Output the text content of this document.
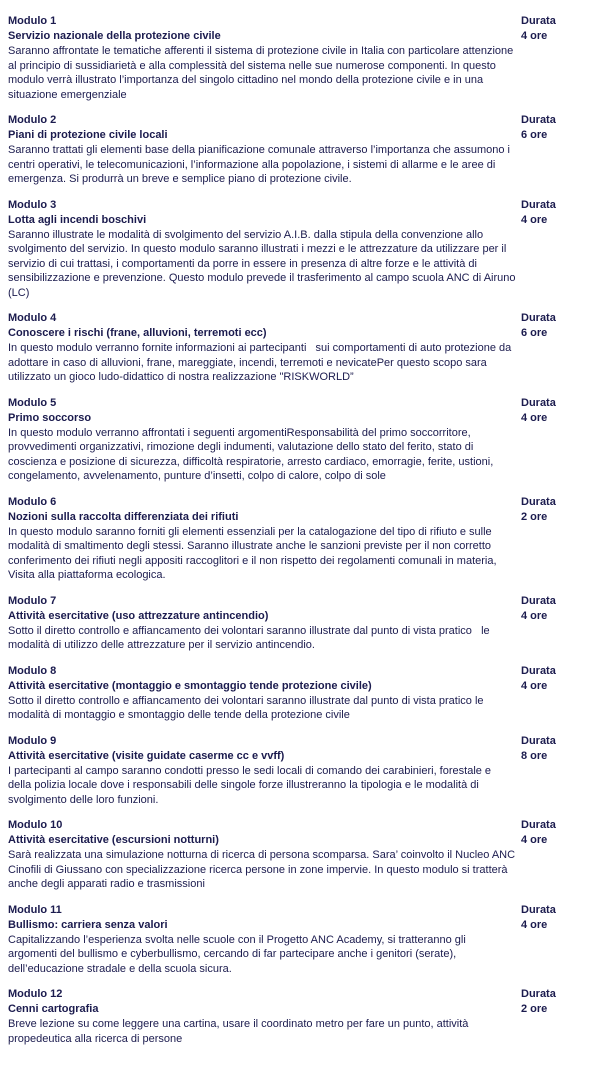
Modulo 1	Durata
Servizio nazionale della protezione civile	4 ore

Saranno affrontate le tematiche afferenti il sistema di protezione civile in Italia con particolare attenzione al principio di sussidiarietà e alla complessità del sistema nelle sue numerose componenti. In questo modulo verrà illustrato l’importanza del singolo cittadino nel mondo della protezione civile e in una situazione emergenziale

Modulo 2	Durata
Piani di protezione civile locali	6 ore

Saranno trattati gli elementi base della pianificazione comunale attraverso l’importanza che assumono i centri operativi, le telecomunicazioni, l’informazione alla popolazione, i sistemi di allarme e le aree di emergenza. Si produrrà un breve e semplice piano di protezione civile.

Modulo 3	Durata
Lotta agli incendi boschivi	4 ore

Saranno illustrate le modalità di svolgimento del servizio A.I.B. dalla stipula della convenzione allo svolgimento del servizio. In questo modulo saranno illustrati i mezzi e le attrezzature da utilizzare per il servizio di cui trattasi, i comportamenti da porre in essere in presenza di altre forze e le attività di sensibilizzazione e prevenzione. Questo modulo prevede il trasferimento al campo scuola ANC di Airuno (LC)

Modulo 4	Durata
Conoscere i rischi (frane, alluvioni, terremoti ecc)	6 ore

In questo modulo verranno fornite informazioni ai partecipanti   sui comportamenti di auto protezione da adottare in caso di alluvioni, frane, mareggiate, incendi, terremoti e nevicatePer questo scopo sara utilizzato un gioco ludo-didattico di nostra realizzazione "RISKWORLD”

Modulo 5	Durata
Primo soccorso	4 ore

In questo modulo verranno affrontati i seguenti argomentiResponsabilità del primo soccorritore, provvedimenti organizzativi, rimozione degli indumenti, valutazione dello stato del ferito, stato di coscienza e posizione di sicurezza, difficoltà respiratorie, arresto cardiaco, emorragie, ferite, ustioni, congelamento, avvelenamento, punture d’insetti, colpo di calore, colpo di sole

Modulo 6	Durata
Nozioni sulla raccolta differenziata dei rifiuti	2 ore

In questo modulo saranno forniti gli elementi essenziali per la catalogazione del tipo di rifiuto e sulle modalità di smaltimento degli stessi. Saranno illustrate anche le sanzioni previste per il non corretto conferimento dei rifiuti negli appositi raccoglitori e il non rispetto dei regolamenti comunali in materia, Visita alla piattaforma ecologica.

Modulo 7	Durata
Attività esercitative (uso attrezzature antincendio)	4 ore

Sotto il diretto controllo e affiancamento dei volontari saranno illustrate dal punto di vista pratico   le modalità di utilizzo delle attrezzature per il servizio antincendio.

Modulo 8	Durata
Attività esercitative (montaggio e smontaggio tende protezione civile)	4 ore

Sotto il diretto controllo e affiancamento dei volontari saranno illustrate dal punto di vista pratico le modalità di montaggio e smontaggio delle tende della protezione civile

Modulo 9	Durata
Attività esercitative (visite guidate caserme cc e vvff)	8 ore

I partecipanti al campo saranno condotti presso le sedi locali di comando dei carabinieri, forestale e della polizia locale dove i responsabili delle singole forze illustreranno la tipologia e le modalità di svolgimento delle loro funzioni.

Modulo 10	Durata
Attività esercitative (escursioni notturni)	4 ore

Sarà realizzata una simulazione notturna di ricerca di persona scomparsa. Sara’ coinvolto il Nucleo ANC Cinofili di Giussano con specializzazione ricerca persone in zone impervie. In questo modulo si tratterà anche degli apparati radio e trasmissioni

Modulo 11	Durata
Bullismo: carriera senza valori	4 ore

Capitalizzando l’esperienza svolta nelle scuole con il Progetto ANC Academy, si tratteranno gli argomenti del bullismo e cyberbullismo, cercando di far partecipare anche i genitori (serate), dell’educazione stradale e della scuola sicura.

Modulo 12	Durata
Cenni cartografia	2 ore

Breve lezione su come leggere una cartina, usare il coordinato metro per fare un punto, attività propedeutica alla ricerca di persone
